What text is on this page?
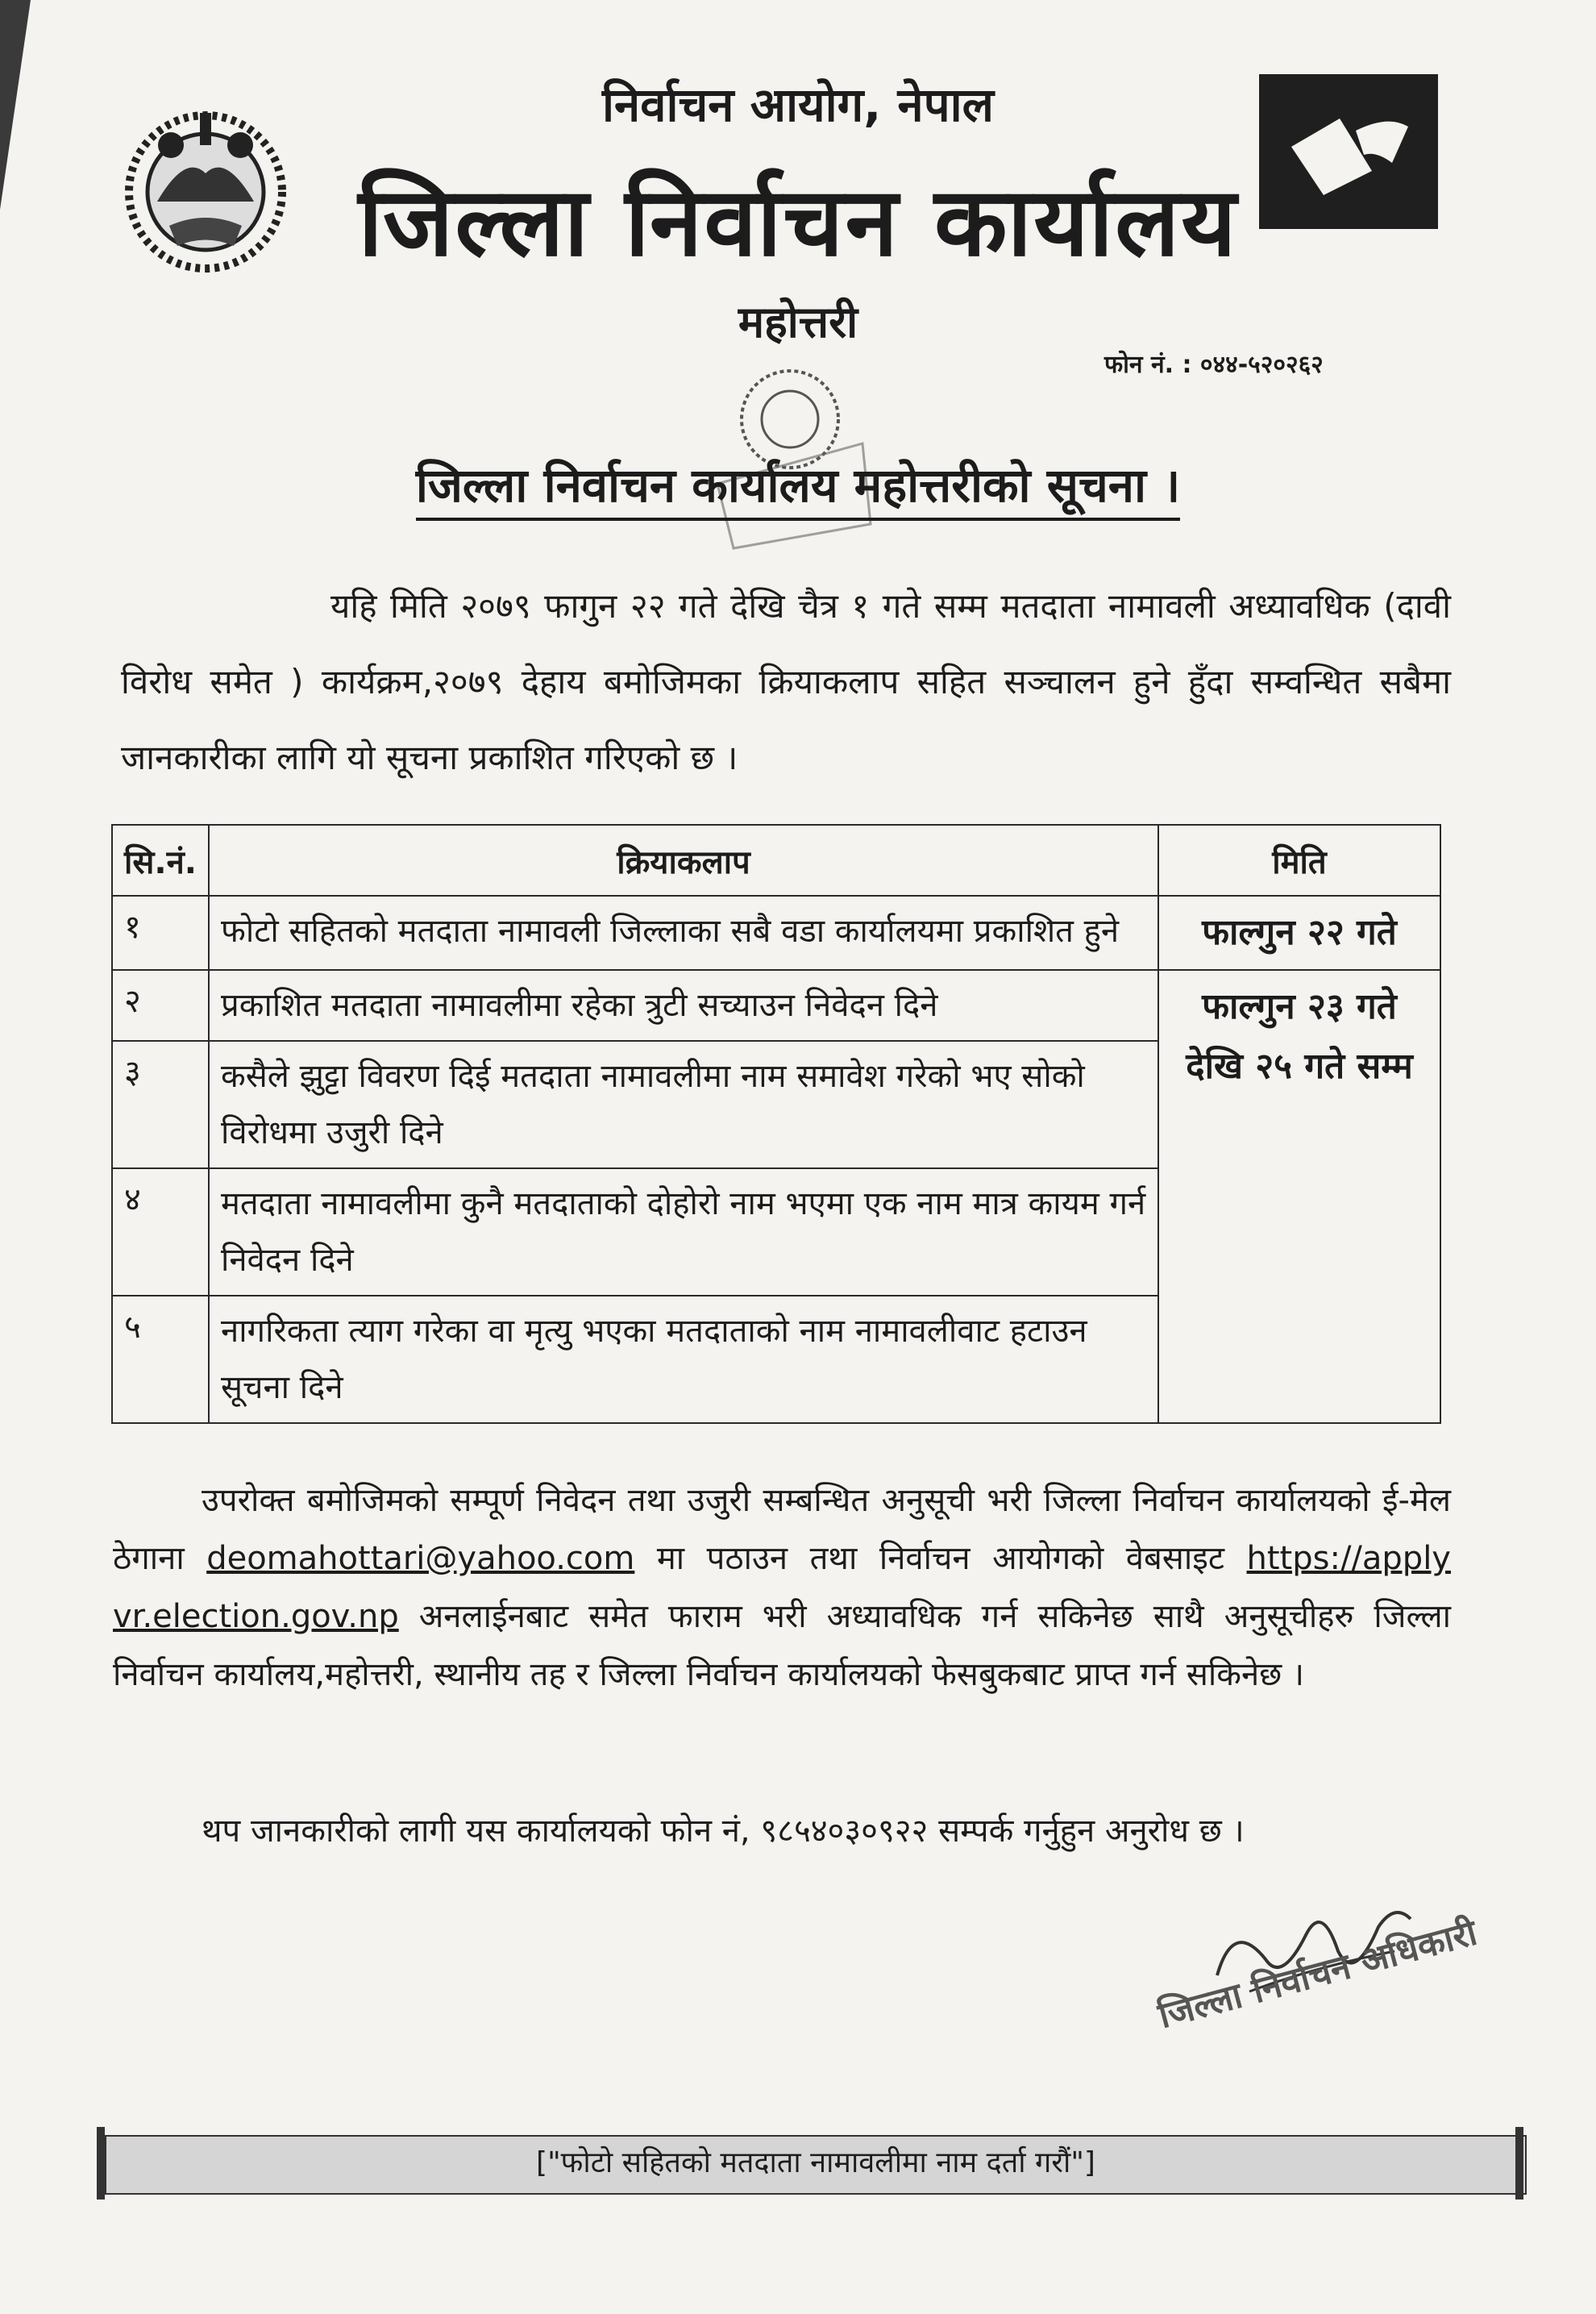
निर्वाचन आयोग, नेपाल
जिल्ला निर्वाचन कार्यालय
महोत्तरी
फोन नं. : ०४४-५२०२६२
जिल्ला निर्वाचन कार्यालय महोत्तरीको सूचना ।
यहि मिति २०७९ फागुन २२ गते देखि चैत्र १ गते सम्म मतदाता नामावली अध्यावधिक (दावी विरोध समेत ) कार्यक्रम,२०७९ देहाय बमोजिमका क्रियाकलाप सहित सञ्चालन हुने हुँदा सम्वन्धित सबैमा जानकारीका लागि यो सूचना प्रकाशित गरिएको छ ।
सि.नं.	क्रियाकलाप	मिति
१	फोटो सहितको मतदाता नामावली जिल्लाका सबै वडा कार्यालयमा प्रकाशित हुने	फाल्गुन २२ गते
२	प्रकाशित मतदाता नामावलीमा रहेका त्रुटी सच्याउन निवेदन दिने	फाल्गुन २३ गते
देखि २५ गते सम्म

३	कसैले झुट्टा विवरण दिई मतदाता नामावलीमा नाम समावेश गरेको भए सोको विरोधमा उजुरी दिने	
४	मतदाता नामावलीमा कुनै मतदाताको दोहोरो नाम भएमा एक नाम मात्र कायम गर्न निवेदन दिने	
५	नागरिकता त्याग गरेका वा मृत्यु भएका मतदाताको नाम नामावलीवाट हटाउन सूचना दिने	
उपरोक्त बमोजिमको सम्पूर्ण निवेदन तथा उजुरी सम्बन्धित अनुसूची भरी जिल्ला निर्वाचन कार्यालयको ई-मेल ठेगाना deomahottari@yahoo.com मा पठाउन तथा निर्वाचन आयोगको वेबसाइट https://apply vr.election.gov.np अनलाईनबाट समेत फाराम भरी अध्यावधिक गर्न सकिनेछ साथै अनुसूचीहरु जिल्ला निर्वाचन कार्यालय,महोत्तरी, स्थानीय तह र जिल्ला निर्वाचन कार्यालयको फेसबुकबाट प्राप्त गर्न सकिनेछ ।
थप जानकारीको लागी यस कार्यालयको फोन नं, ९८५४०३०९२२ सम्पर्क गर्नुहुन अनुरोध छ ।
जिल्ला निर्वाचन अधिकारी
["फोटो सहितको मतदाता नामावलीमा नाम दर्ता गरौं"]
